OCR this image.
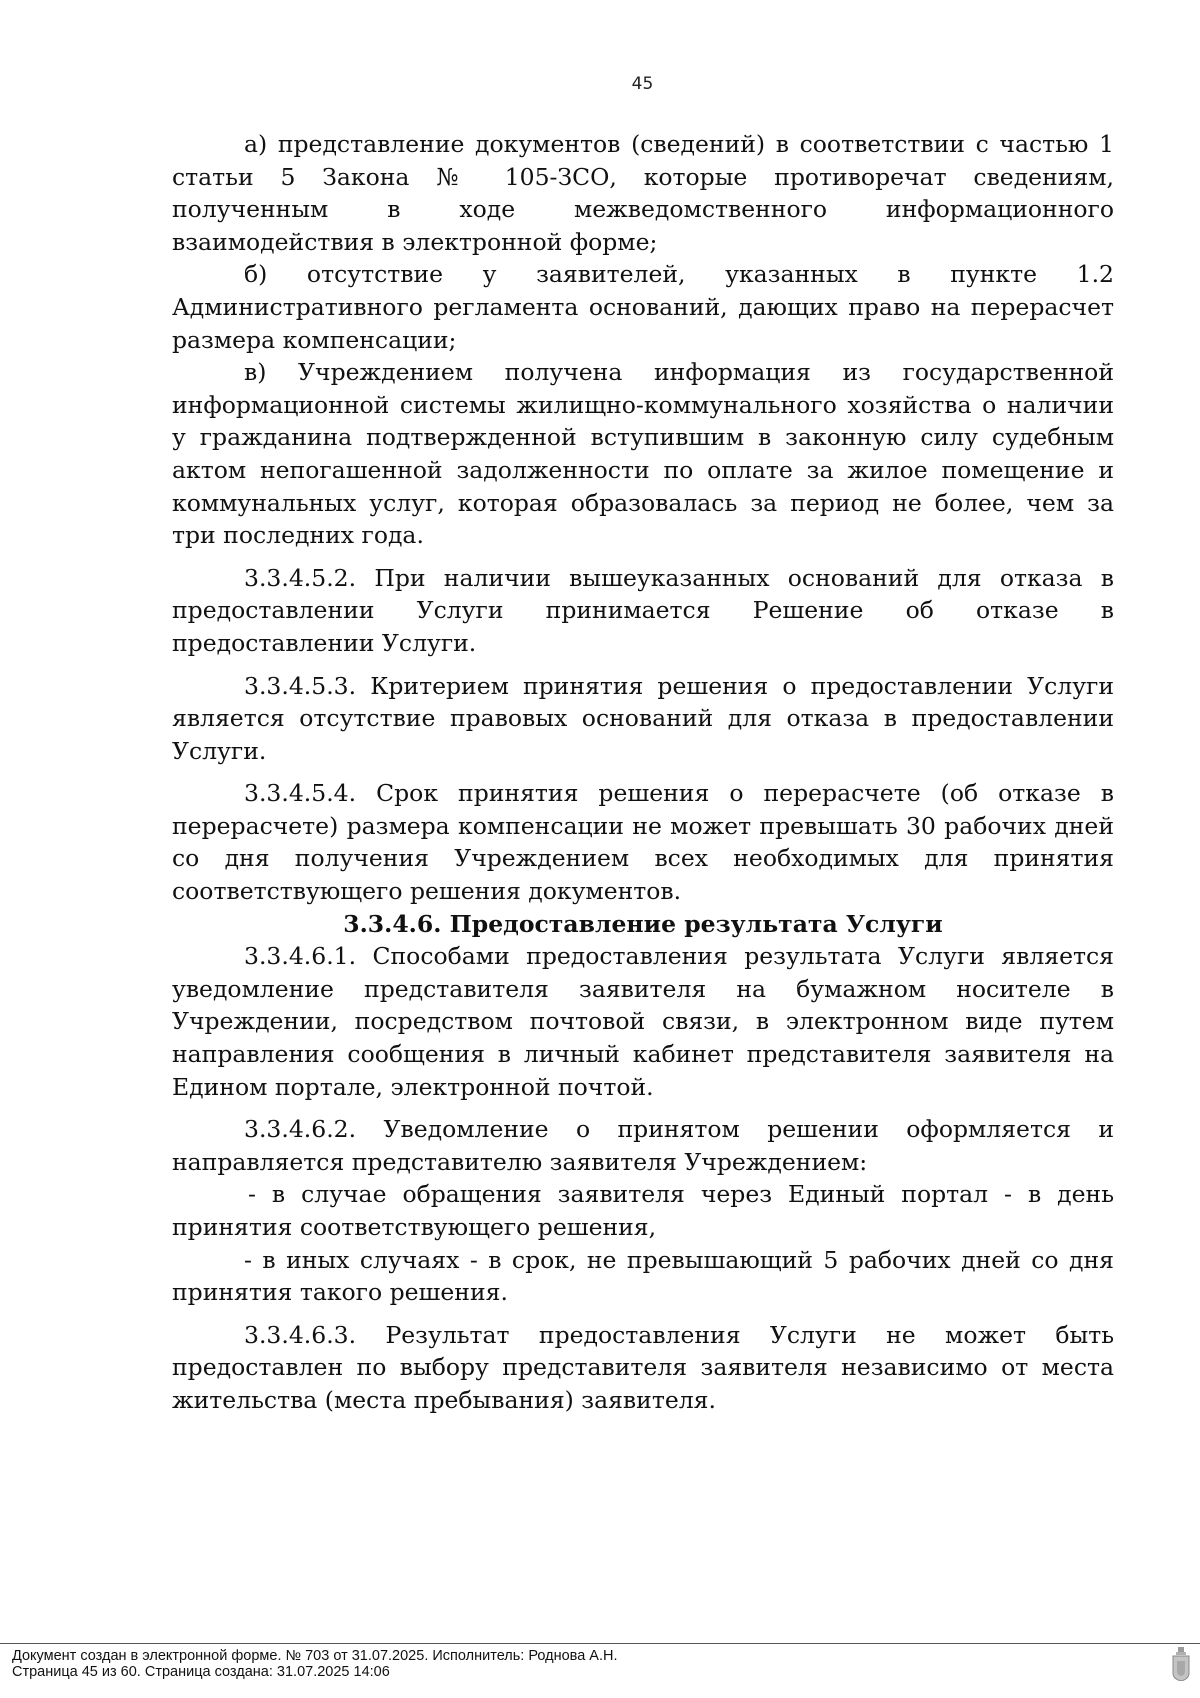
45

а) представление документов (сведений) в соответствии с частью 1 статьи 5 Закона № 105-ЗСО, которые противоречат сведениям, полученным в ходе межведомственного информационного взаимодействия в электронной форме;

б) отсутствие у заявителей, указанных в пункте 1.2 Административного регламента оснований, дающих право на перерасчет размера компенсации;

в) Учреждением получена информация из государственной информационной системы жилищно-коммунального хозяйства о наличии у гражданина подтвержденной вступившим в законную силу судебным актом непогашенной задолженности по оплате за жилое помещение и коммунальных услуг, которая образовалась за период не более, чем за три последних года.

3.3.4.5.2. При наличии вышеуказанных оснований для отказа в предоставлении Услуги принимается Решение об отказе в предоставлении Услуги.

3.3.4.5.3. Критерием принятия решения о предоставлении Услуги является отсутствие правовых оснований для отказа в предоставлении Услуги.

3.3.4.5.4. Срок принятия решения о перерасчете (об отказе в перерасчете) размера компенсации не может превышать 30 рабочих дней со дня получения Учреждением всех необходимых для принятия соответствующего решения документов.

3.3.4.6. Предоставление результата Услуги

3.3.4.6.1. Способами предоставления результата Услуги является уведомление представителя заявителя на бумажном носителе в Учреждении, посредством почтовой связи, в электронном виде путем направления сообщения в личный кабинет представителя заявителя на Едином портале, электронной почтой.

3.3.4.6.2. Уведомление о принятом решении оформляется и направляется представителю заявителя Учреждением:

- в случае обращения заявителя через Единый портал - в день принятия соответствующего решения,

- в иных случаях - в срок, не превышающий 5 рабочих дней со дня принятия такого решения.

3.3.4.6.3. Результат предоставления Услуги не может быть предоставлен по выбору представителя заявителя независимо от места жительства (места пребывания) заявителя.

Документ создан в электронной форме. № 703 от 31.07.2025. Исполнитель: Роднова А.Н.
Страница 45 из 60. Страница создана: 31.07.2025 14:06
